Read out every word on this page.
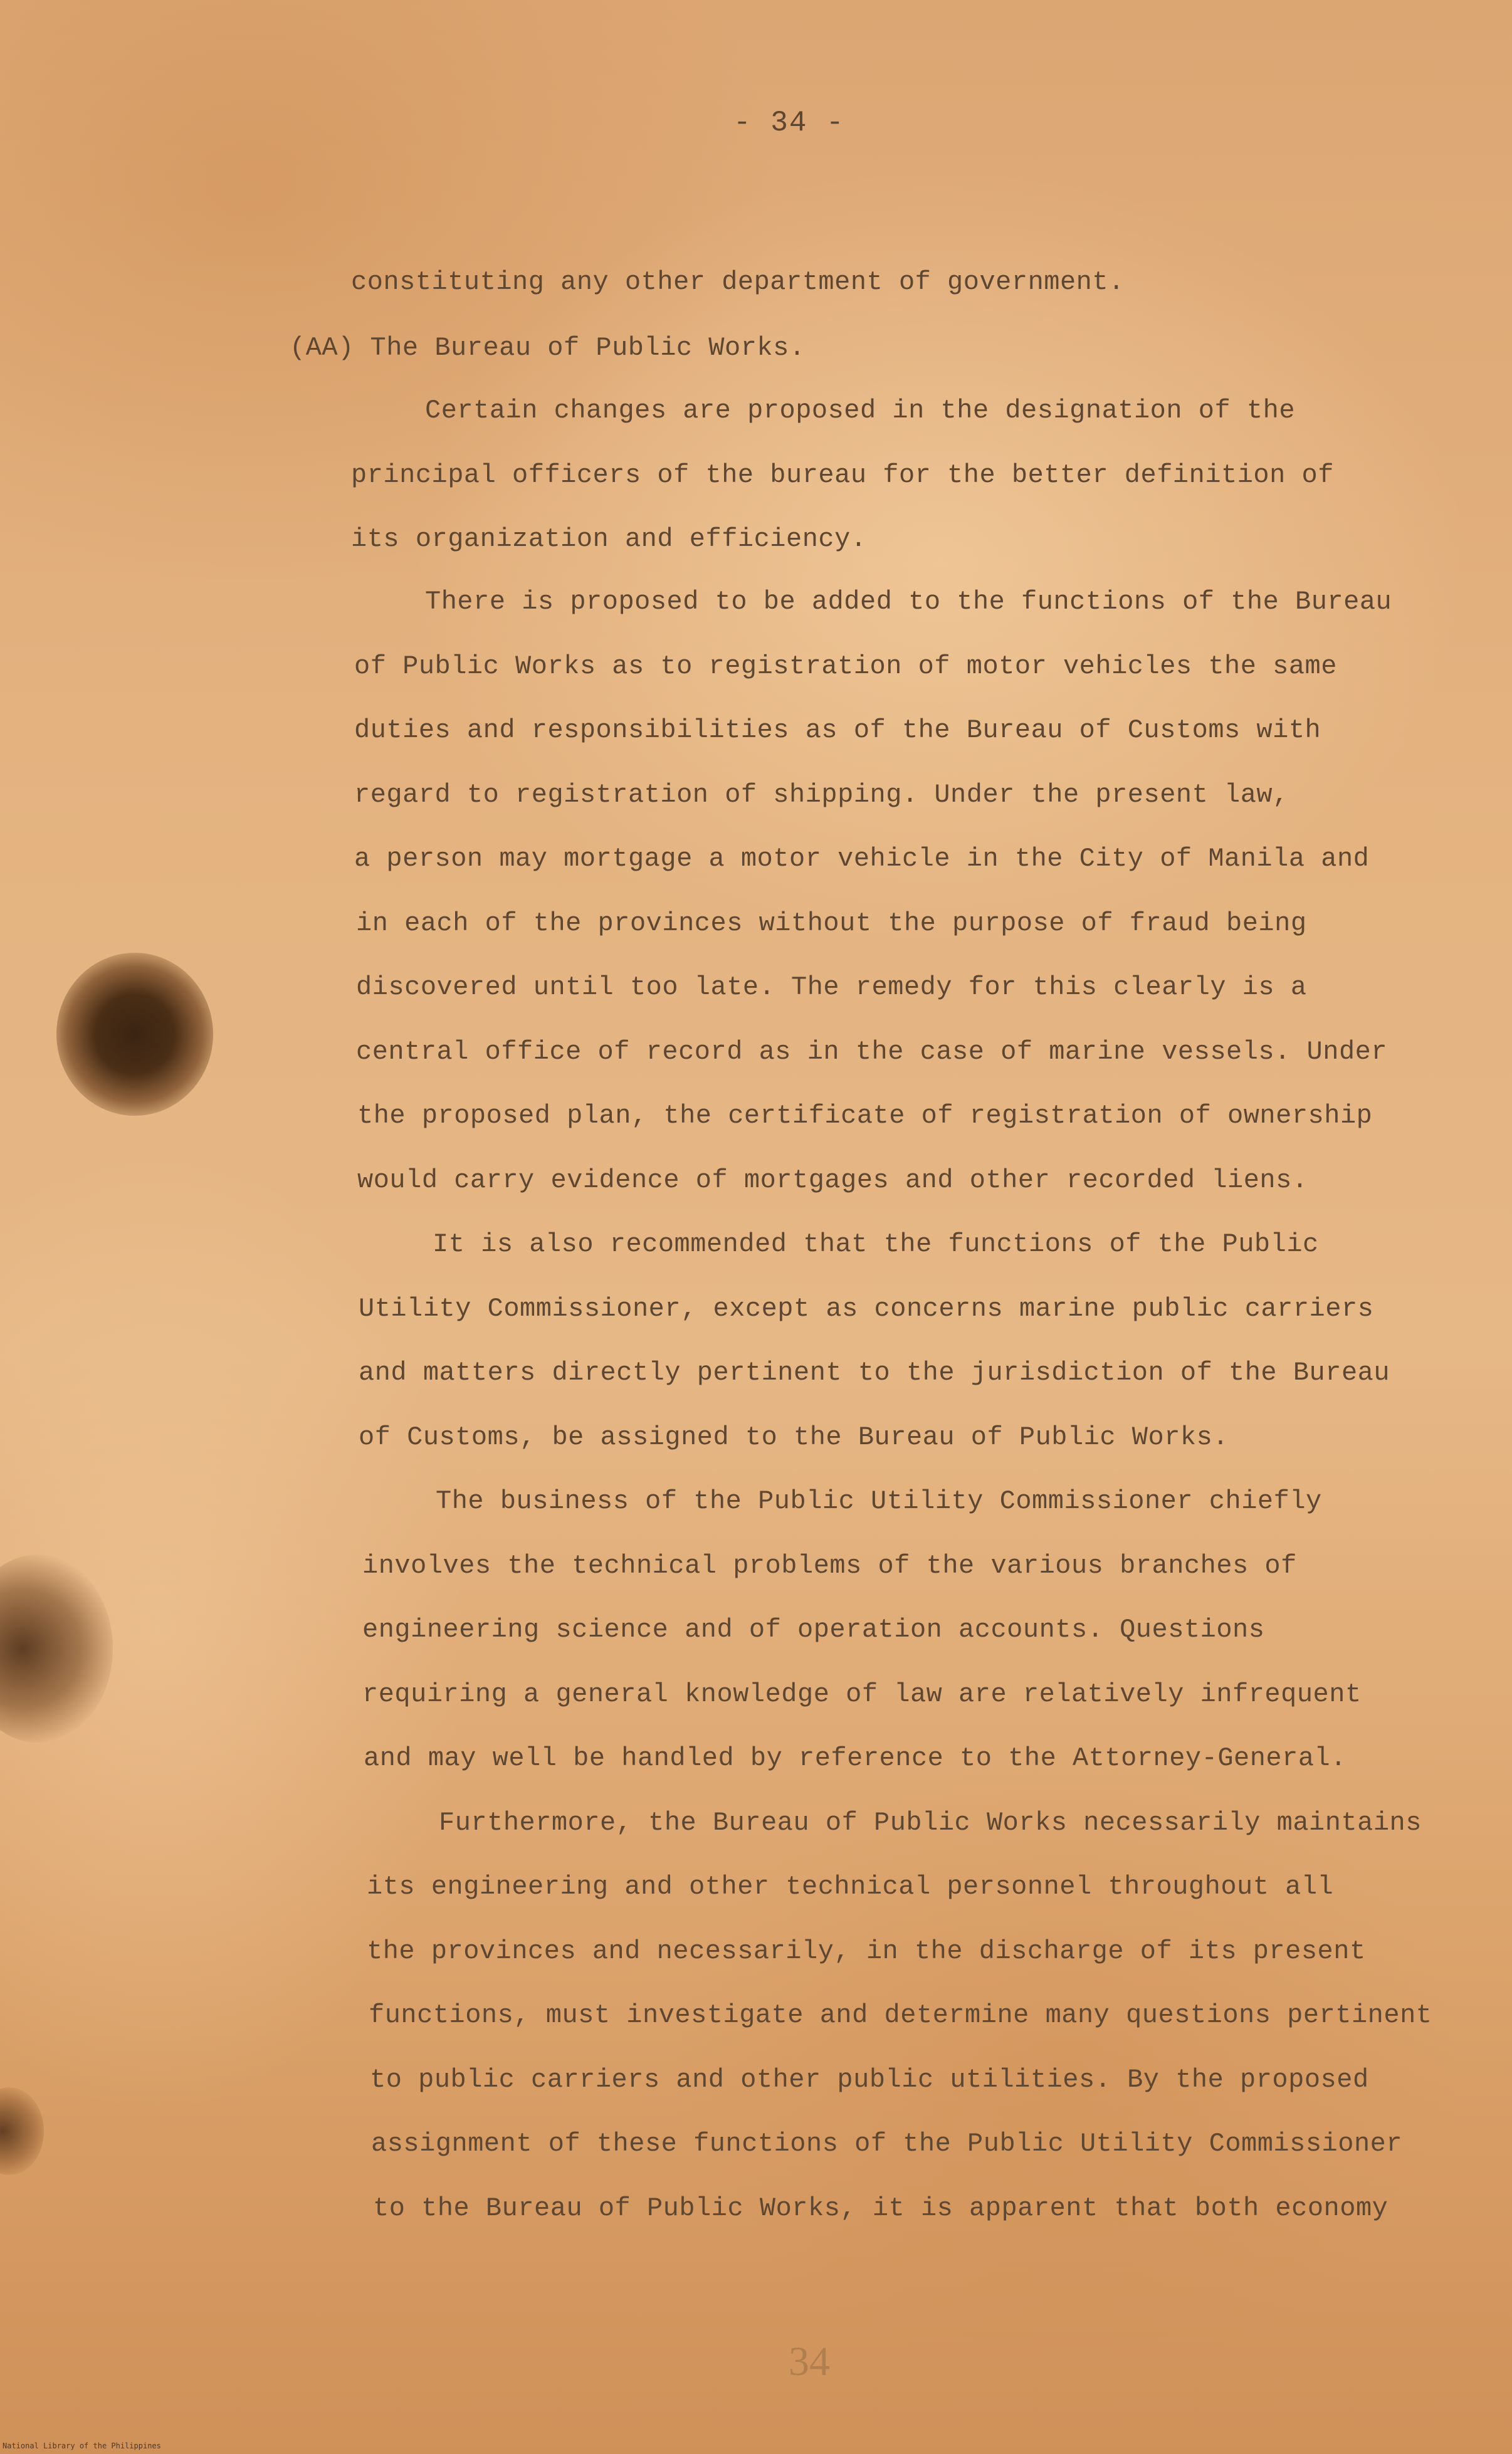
- 34 -
constituting any other department of government.
(AA) The Bureau of Public Works.
Certain changes are proposed in the designation of the
principal officers of the bureau for the better definition of
its organization and efficiency.
There is proposed to be added to the functions of the Bureau
of Public Works as to registration of motor vehicles the same
duties and responsibilities as of the Bureau of Customs with
regard to registration of shipping. Under the present law,
a person may mortgage a motor vehicle in the City of Manila and
in each of the provinces without the purpose of fraud being
discovered until too late. The remedy for this clearly is a
central office of record as in the case of marine vessels. Under
the proposed plan, the certificate of registration of ownership
would carry evidence of mortgages and other recorded liens.
It is also recommended that the functions of the Public
Utility Commissioner, except as concerns marine public carriers
and matters directly pertinent to the jurisdiction of the Bureau
of Customs, be assigned to the Bureau of Public Works.
The business of the Public Utility Commissioner chiefly
involves the technical problems of the various branches of
engineering science and of operation accounts. Questions
requiring a general knowledge of law are relatively infrequent
and may well be handled by reference to the Attorney-General.
Furthermore, the Bureau of Public Works necessarily maintains
its engineering and other technical personnel throughout all
the provinces and necessarily, in the discharge of its present
functions, must investigate and determine many questions pertinent
to public carriers and other public utilities. By the proposed
assignment of these functions of the Public Utility Commissioner
to the Bureau of Public Works, it is apparent that both economy
34
National Library of the Philippines
